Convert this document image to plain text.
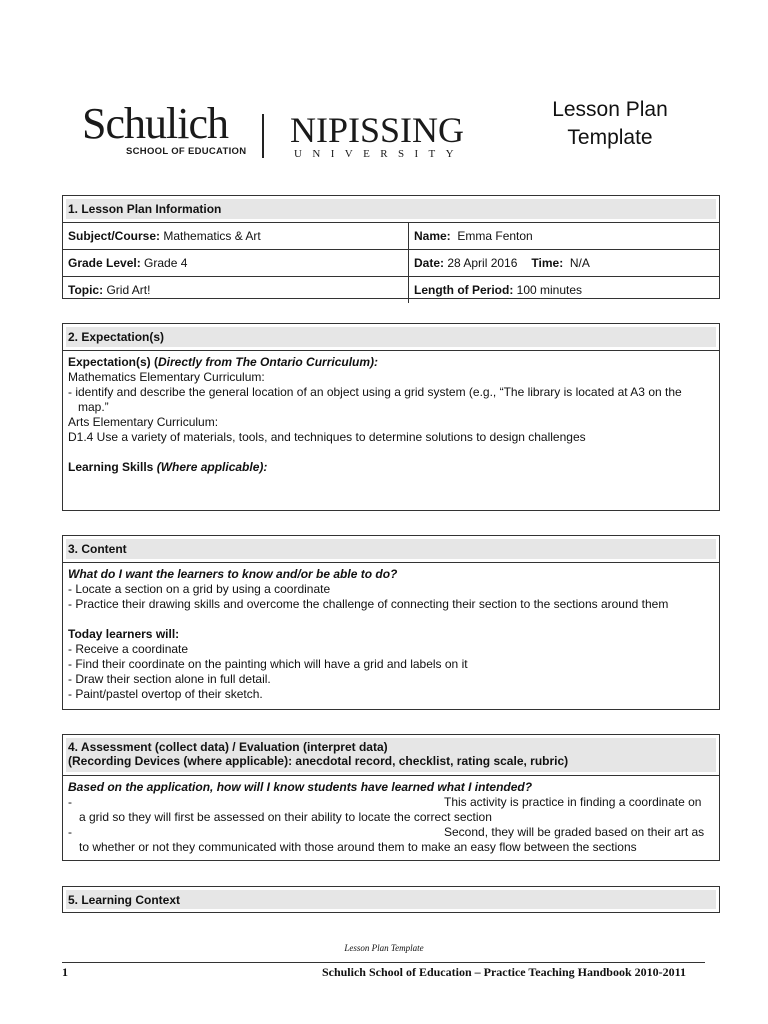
Schulich
SCHOOL OF EDUCATION
NIPISSING
UNIVERSITY
Lesson Plan
Template
1. Lesson Plan Information
Subject/Course: Mathematics & Art	Name:  Emma Fenton
Grade Level: Grade 4	Date: 28 April 2016 Time:  N/A
Topic: Grid Art!	Length of Period: 100 minutes
2. Expectation(s)
Expectation(s) (Directly from The Ontario Curriculum):
Mathematics Elementary Curriculum:
- identify and describe the general location of an object using a grid system (e.g., “The library is located at A3 on the map.”
Arts Elementary Curriculum:
D1.4 Use a variety of materials, tools, and techniques to determine solutions to design challenges
Learning Skills (Where applicable):
3. Content
What do I want the learners to know and/or be able to do?
- Locate a section on a grid by using a coordinate
- Practice their drawing skills and overcome the challenge of connecting their section to the sections around them
Today learners will:
- Receive a coordinate
- Find their coordinate on the painting which will have a grid and labels on it
- Draw their section alone in full detail.
- Paint/pastel overtop of their sketch.
4. Assessment (collect data) / Evaluation (interpret data)
(Recording Devices (where applicable): anecdotal record, checklist, rating scale, rubric)
Based on the application, how will I know students have learned what I intended?
-	This activity is practice in finding a coordinate on
a grid so they will first be assessed on their ability to locate the correct section
-	Second, they will be graded based on their art as
to whether or not they communicated with those around them to make an easy flow between the sections
5. Learning Context
Lesson Plan Template
1	Schulich School of Education – Practice Teaching Handbook 2010-2011
